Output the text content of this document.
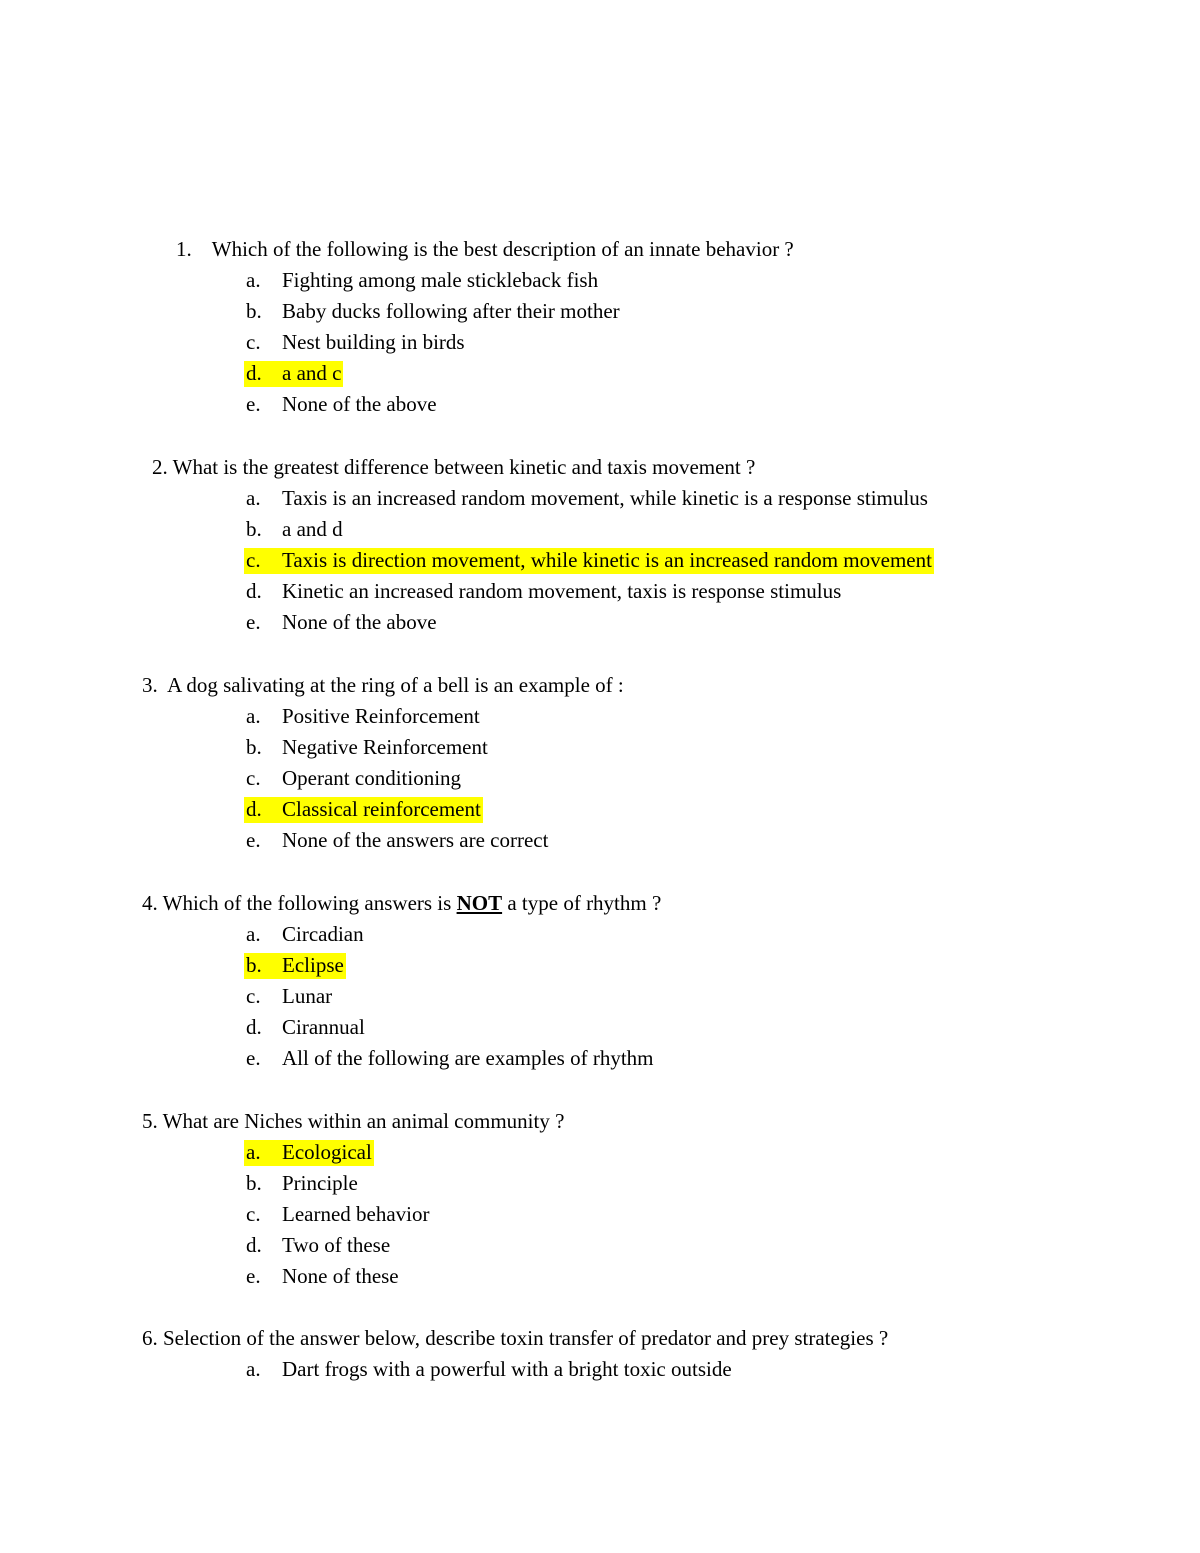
1. Which of the following is the best description of an innate behavior ?
a. Fighting among male stickleback fish
b. Baby ducks following after their mother
c. Nest building in birds
d. a and c
e. None of the above
2. What is the greatest difference between kinetic and taxis movement ?
a. Taxis is an increased random movement, while kinetic is a response stimulus
b. a and d
c. Taxis is direction movement, while kinetic is an increased random movement
d. Kinetic an increased random movement, taxis is response stimulus
e. None of the above
3. A dog salivating at the ring of a bell is an example of :
a. Positive Reinforcement
b. Negative Reinforcement
c. Operant conditioning
d. Classical reinforcement
e. None of the answers are correct
4. Which of the following answers is NOT a type of rhythm ?
a. Circadian
b. Eclipse
c. Lunar
d. Cirannual
e. All of the following are examples of rhythm
5. What are Niches within an animal community ?
a. Ecological
b. Principle
c. Learned behavior
d. Two of these
e. None of these
6. Selection of the answer below, describe toxin transfer of predator and prey strategies ?
a. Dart frogs with a powerful with a bright toxic outside
